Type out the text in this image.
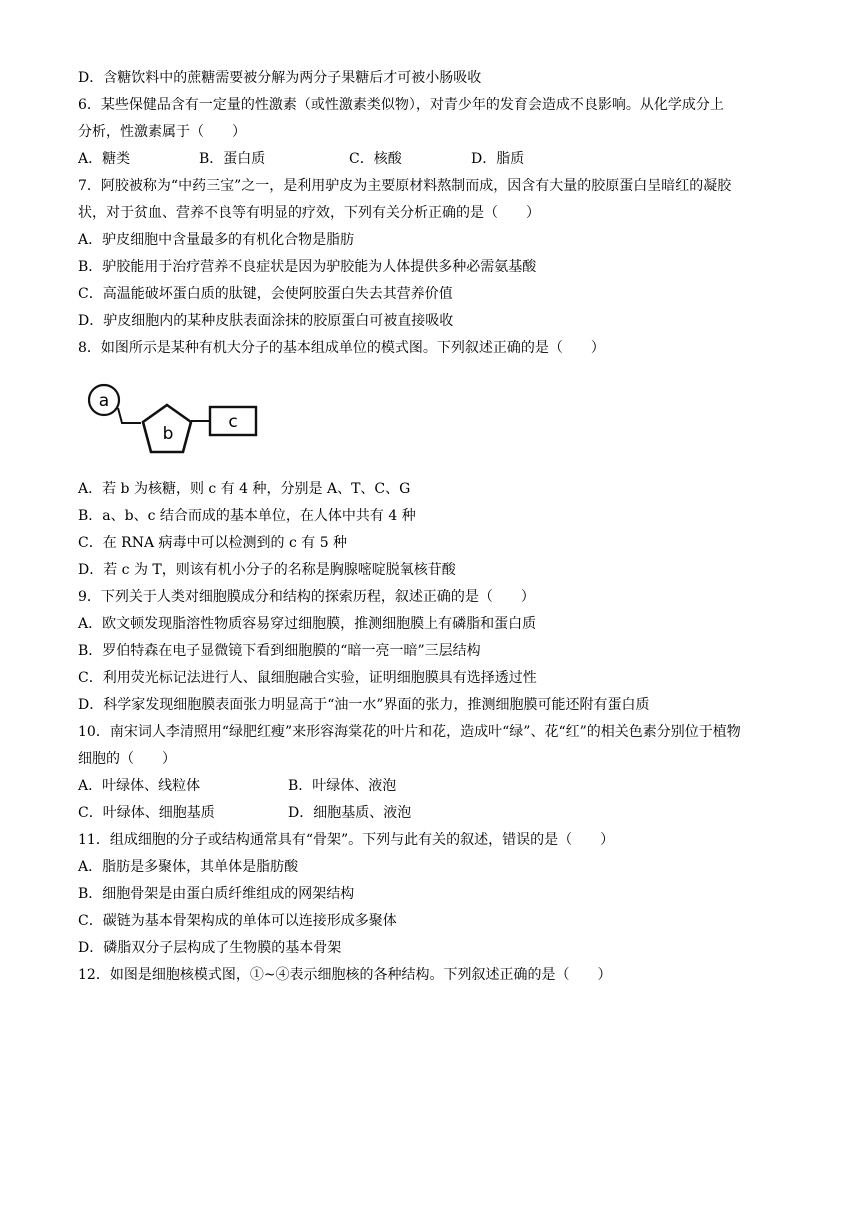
D．含糖饮料中的蔗糖需要被分解为两分子果糖后才可被小肠吸收
6．某些保健品含有一定量的性激素（或性激素类似物），对青少年的发育会造成不良影响。从化学成分上
分析，性激素属于（　　）
A．糖类	B．蛋白质	C．核酸	D．脂质
7．阿胶被称为“中药三宝”之一，是利用驴皮为主要原材料熬制而成，因含有大量的胶原蛋白呈暗红的凝胶
状，对于贫血、营养不良等有明显的疗效，下列有关分析正确的是（　　）
A．驴皮细胞中含量最多的有机化合物是脂肪
B．驴胶能用于治疗营养不良症状是因为驴胶能为人体提供多种必需氨基酸
C．高温能破坏蛋白质的肽键，会使阿胶蛋白失去其营养价值
D．驴皮细胞内的某种皮肤表面涂抹的胶原蛋白可被直接吸收
8．如图所示是某种有机大分子的基本组成单位的模式图。下列叙述正确的是（　　）
a
b
c
A．若 b 为核糖，则 c 有 4 种，分别是 A、T、C、G
B．a、b、c 结合而成的基本单位，在人体中共有 4 种
C．在 RNA 病毒中可以检测到的 c 有 5 种
D．若 c 为 T，则该有机小分子的名称是胸腺嘧啶脱氧核苷酸
9．下列关于人类对细胞膜成分和结构的探索历程，叙述正确的是（　　）
A．欧文顿发现脂溶性物质容易穿过细胞膜，推测细胞膜上有磷脂和蛋白质
B．罗伯特森在电子显微镜下看到细胞膜的“暗一亮一暗”三层结构
C．利用荧光标记法进行人、鼠细胞融合实验，证明细胞膜具有选择透过性
D．科学家发现细胞膜表面张力明显高于“油一水”界面的张力，推测细胞膜可能还附有蛋白质
10．南宋词人李清照用“绿肥红瘦”来形容海棠花的叶片和花，造成叶“绿”、花“红”的相关色素分别位于植物
细胞的（　　）
A．叶绿体、线粒体	B．叶绿体、液泡
C．叶绿体、细胞基质	D．细胞基质、液泡
11．组成细胞的分子或结构通常具有“骨架”。下列与此有关的叙述，错误的是（　　）
A．脂肪是多聚体，其单体是脂肪酸
B．细胞骨架是由蛋白质纤维组成的网架结构
C．碳链为基本骨架构成的单体可以连接形成多聚体
D．磷脂双分子层构成了生物膜的基本骨架
12．如图是细胞核模式图，①~④表示细胞核的各种结构。下列叙述正确的是（　　）
